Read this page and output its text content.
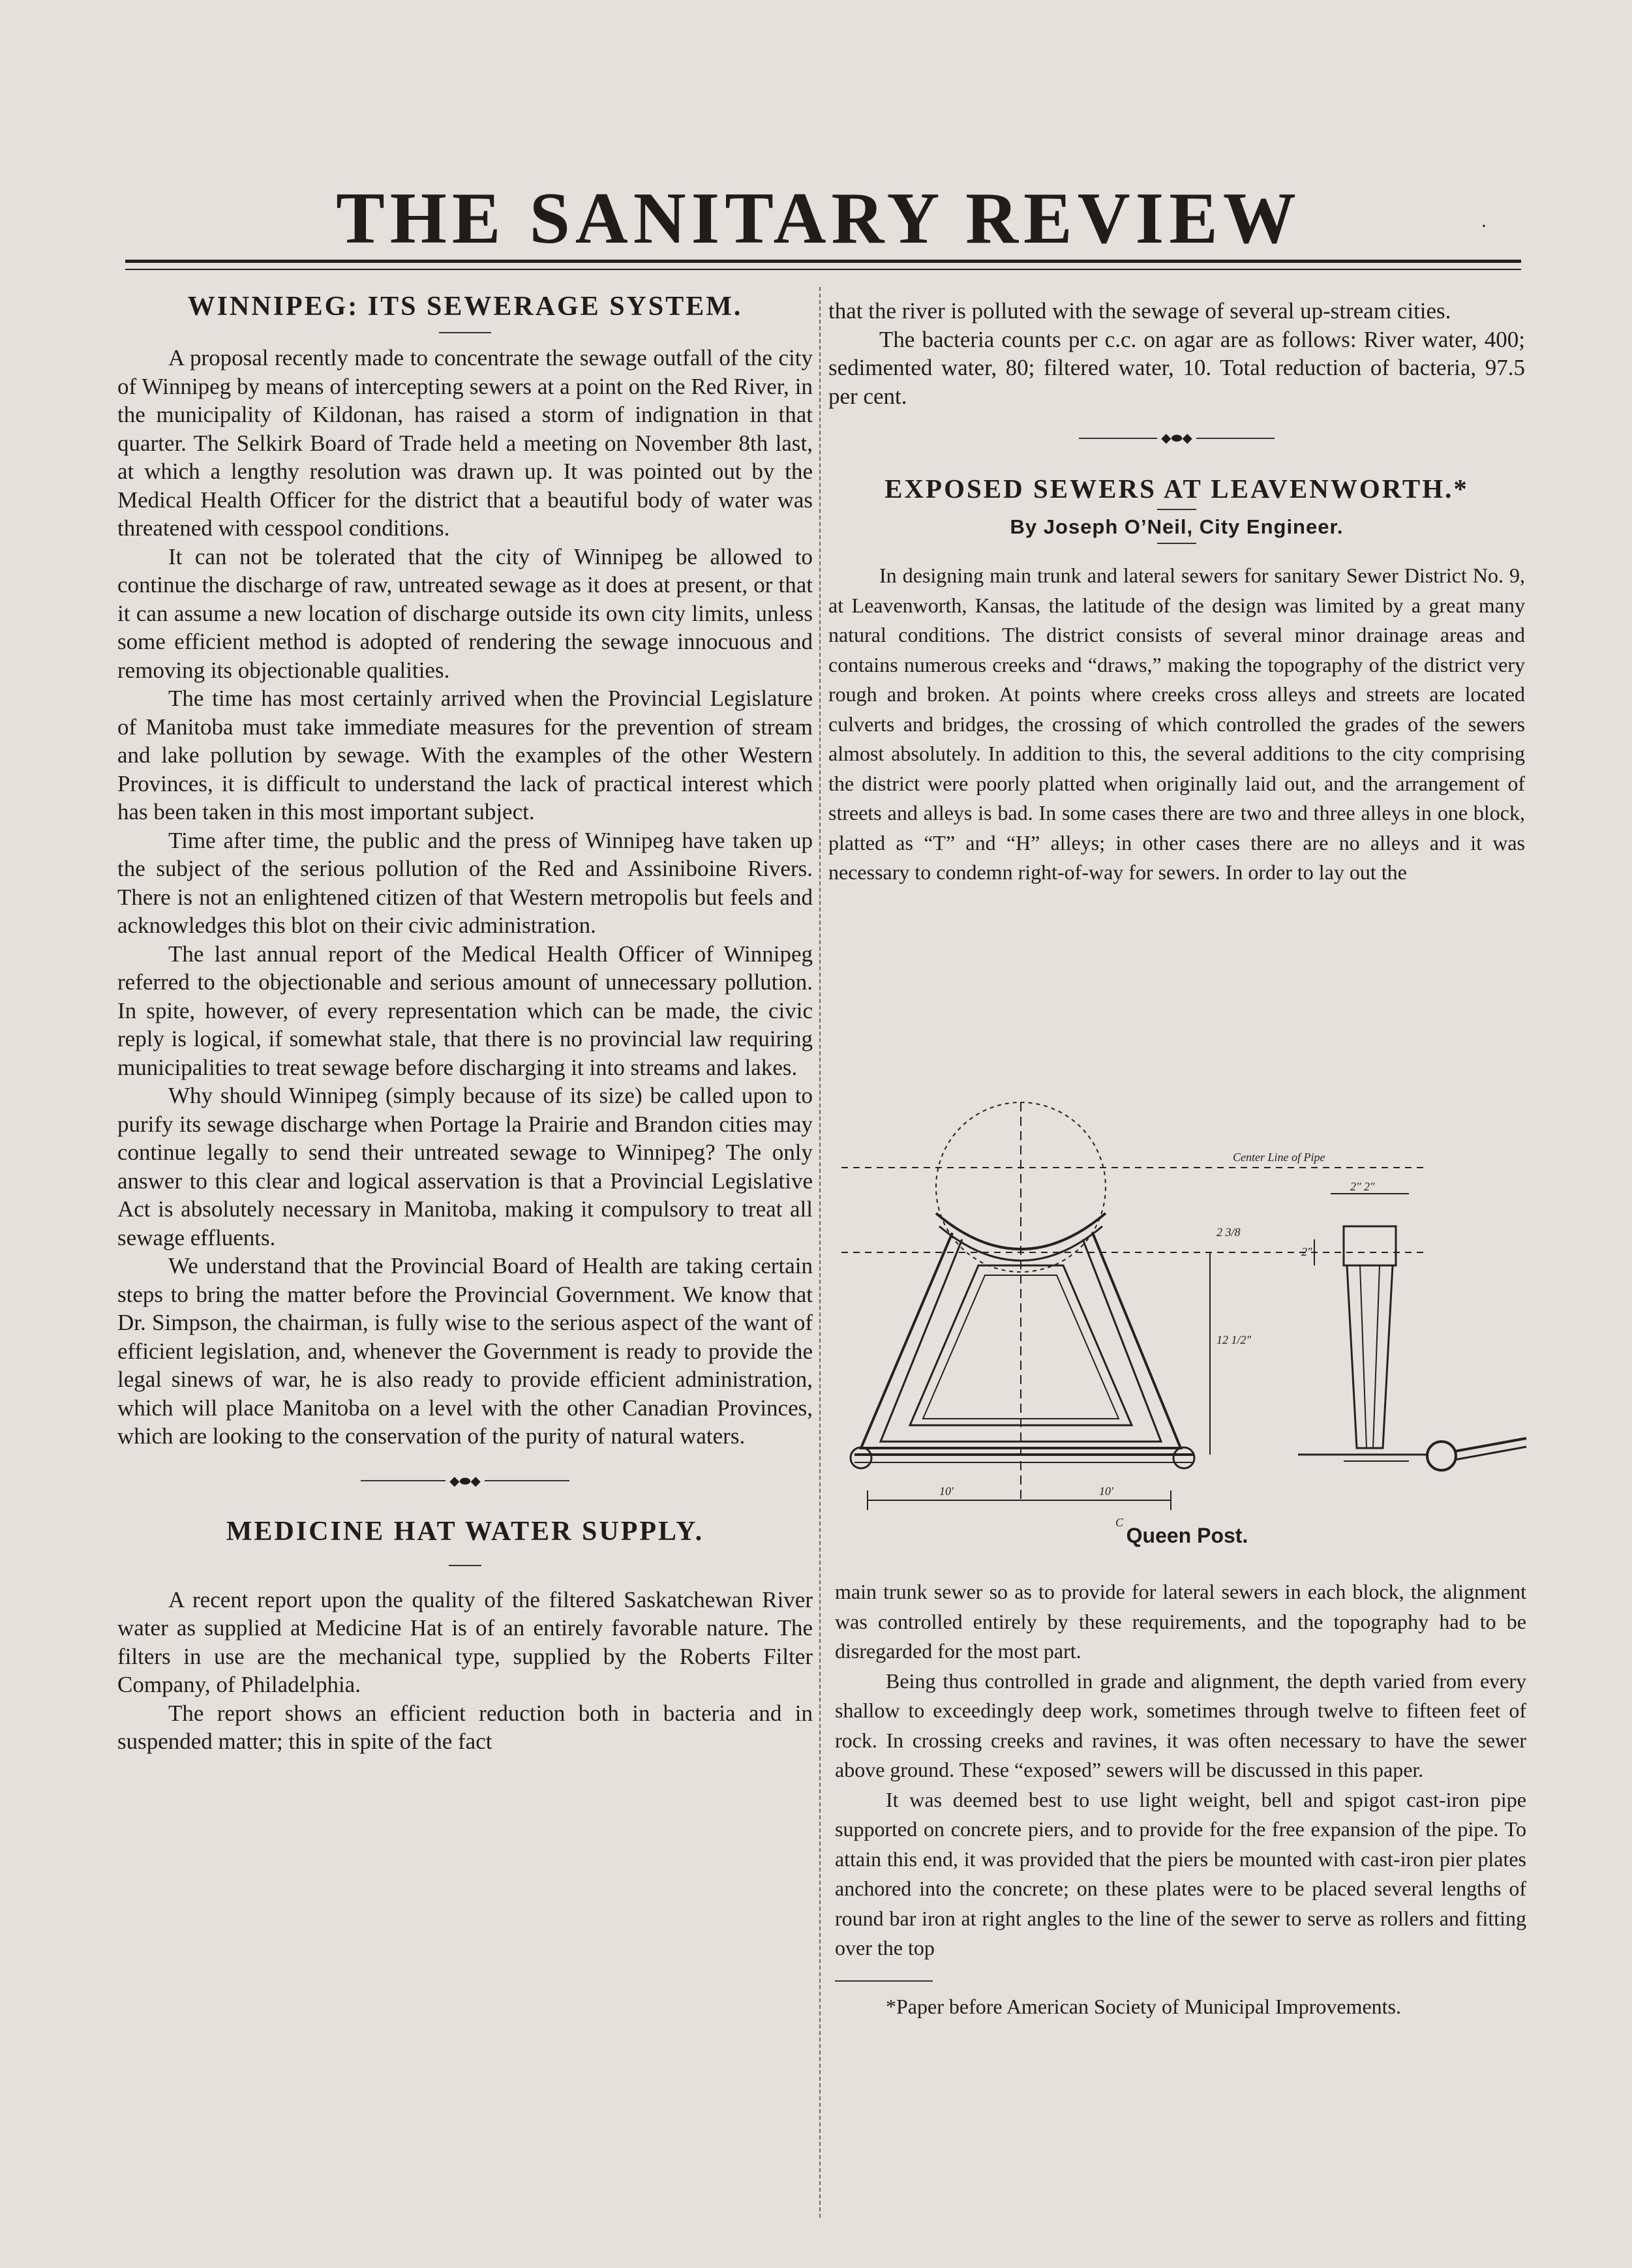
THE SANITARY REVIEW	·
WINNIPEG: ITS SEWERAGE SYSTEM.

A proposal recently made to concentrate the sewage outfall of the city of Winnipeg by means of intercepting sewers at a point on the Red River, in the municipality of Kildonan, has raised a storm of indignation in that quarter. The Selkirk Board of Trade held a meeting on November 8th last, at which a lengthy resolution was drawn up. It was pointed out by the Medical Health Officer for the district that a beautiful body of water was threatened with cesspool conditions.

It can not be tolerated that the city of Winnipeg be allowed to continue the discharge of raw, untreated sewage as it does at present, or that it can assume a new location of discharge outside its own city limits, unless some efficient method is adopted of rendering the sewage innocuous and removing its objectionable qualities.

The time has most certainly arrived when the Provincial Legislature of Manitoba must take immediate measures for the prevention of stream and lake pollution by sewage. With the examples of the other Western Provinces, it is difficult to understand the lack of practical interest which has been taken in this most important subject.

Time after time, the public and the press of Winnipeg have taken up the subject of the serious pollution of the Red and Assiniboine Rivers. There is not an enlightened citizen of that Western metropolis but feels and acknowledges this blot on their civic administration.

The last annual report of the Medical Health Officer of Winnipeg referred to the objectionable and serious amount of unnecessary pollution. In spite, however, of every representation which can be made, the civic reply is logical, if somewhat stale, that there is no provincial law requiring municipalities to treat sewage before discharging it into streams and lakes.

Why should Winnipeg (simply because of its size) be called upon to purify its sewage discharge when Portage la Prairie and Brandon cities may continue legally to send their untreated sewage to Winnipeg? The only answer to this clear and logical asservation is that a Provincial Legislative Act is absolutely necessary in Manitoba, making it compulsory to treat all sewage effluents.

We understand that the Provincial Board of Health are taking certain steps to bring the matter before the Provincial Government. We know that Dr. Simpson, the chairman, is fully wise to the serious aspect of the want of efficient legislation, and, whenever the Government is ready to provide the legal sinews of war, he is also ready to provide efficient administration, which will place Manitoba on a level with the other Canadian Provinces, which are looking to the conservation of the purity of natural waters.

◆⬬◆
MEDICINE HAT WATER SUPPLY.

A recent report upon the quality of the filtered Saskatchewan River water as supplied at Medicine Hat is of an entirely favorable nature. The filters in use are the mechanical type, supplied by the Roberts Filter Company, of Philadelphia.

The report shows an efficient reduction both in bacteria and in suspended matter; this in spite of the fact

that the river is polluted with the sewage of several up-stream cities.

The bacteria counts per c.c. on agar are as follows: River water, 400; sedimented water, 80; filtered water, 10. Total reduction of bacteria, 97.5 per cent.

◆⬬◆
EXPOSED SEWERS AT LEAVENWORTH.*
By Joseph O’Neil, City Engineer.

In designing main trunk and lateral sewers for sanitary Sewer District No. 9, at Leavenworth, Kansas, the latitude of the design was limited by a great many natural conditions. The district consists of several minor drainage areas and contains numerous creeks and “draws,” making the topography of the district very rough and broken. At points where creeks cross alleys and streets are located culverts and bridges, the crossing of which controlled the grades of the sewers almost absolutely. In addition to this, the several additions to the city comprising the district were poorly platted when originally laid out, and the arrangement of streets and alleys is bad. In some cases there are two and three alleys in one block, platted as “T” and “H” alleys; in other cases there are no alleys and it was necessary to condemn right-of-way for sewers. In order to lay out the

Center Line of Pipe
2 3/8
12 1/2"
10'	10'
C
2" 2"
2"
Queen Post.

main trunk sewer so as to provide for lateral sewers in each block, the alignment was controlled entirely by these requirements, and the topography had to be disregarded for the most part.

Being thus controlled in grade and alignment, the depth varied from every shallow to exceedingly deep work, sometimes through twelve to fifteen feet of rock. In crossing creeks and ravines, it was often necessary to have the sewer above ground. These “exposed” sewers will be discussed in this paper.

It was deemed best to use light weight, bell and spigot cast-iron pipe supported on concrete piers, and to provide for the free expansion of the pipe. To attain this end, it was provided that the piers be mounted with cast-iron pier plates anchored into the concrete; on these plates were to be placed several lengths of round bar iron at right angles to the line of the sewer to serve as rollers and fitting over the top

*Paper before American Society of Municipal Improvements.
